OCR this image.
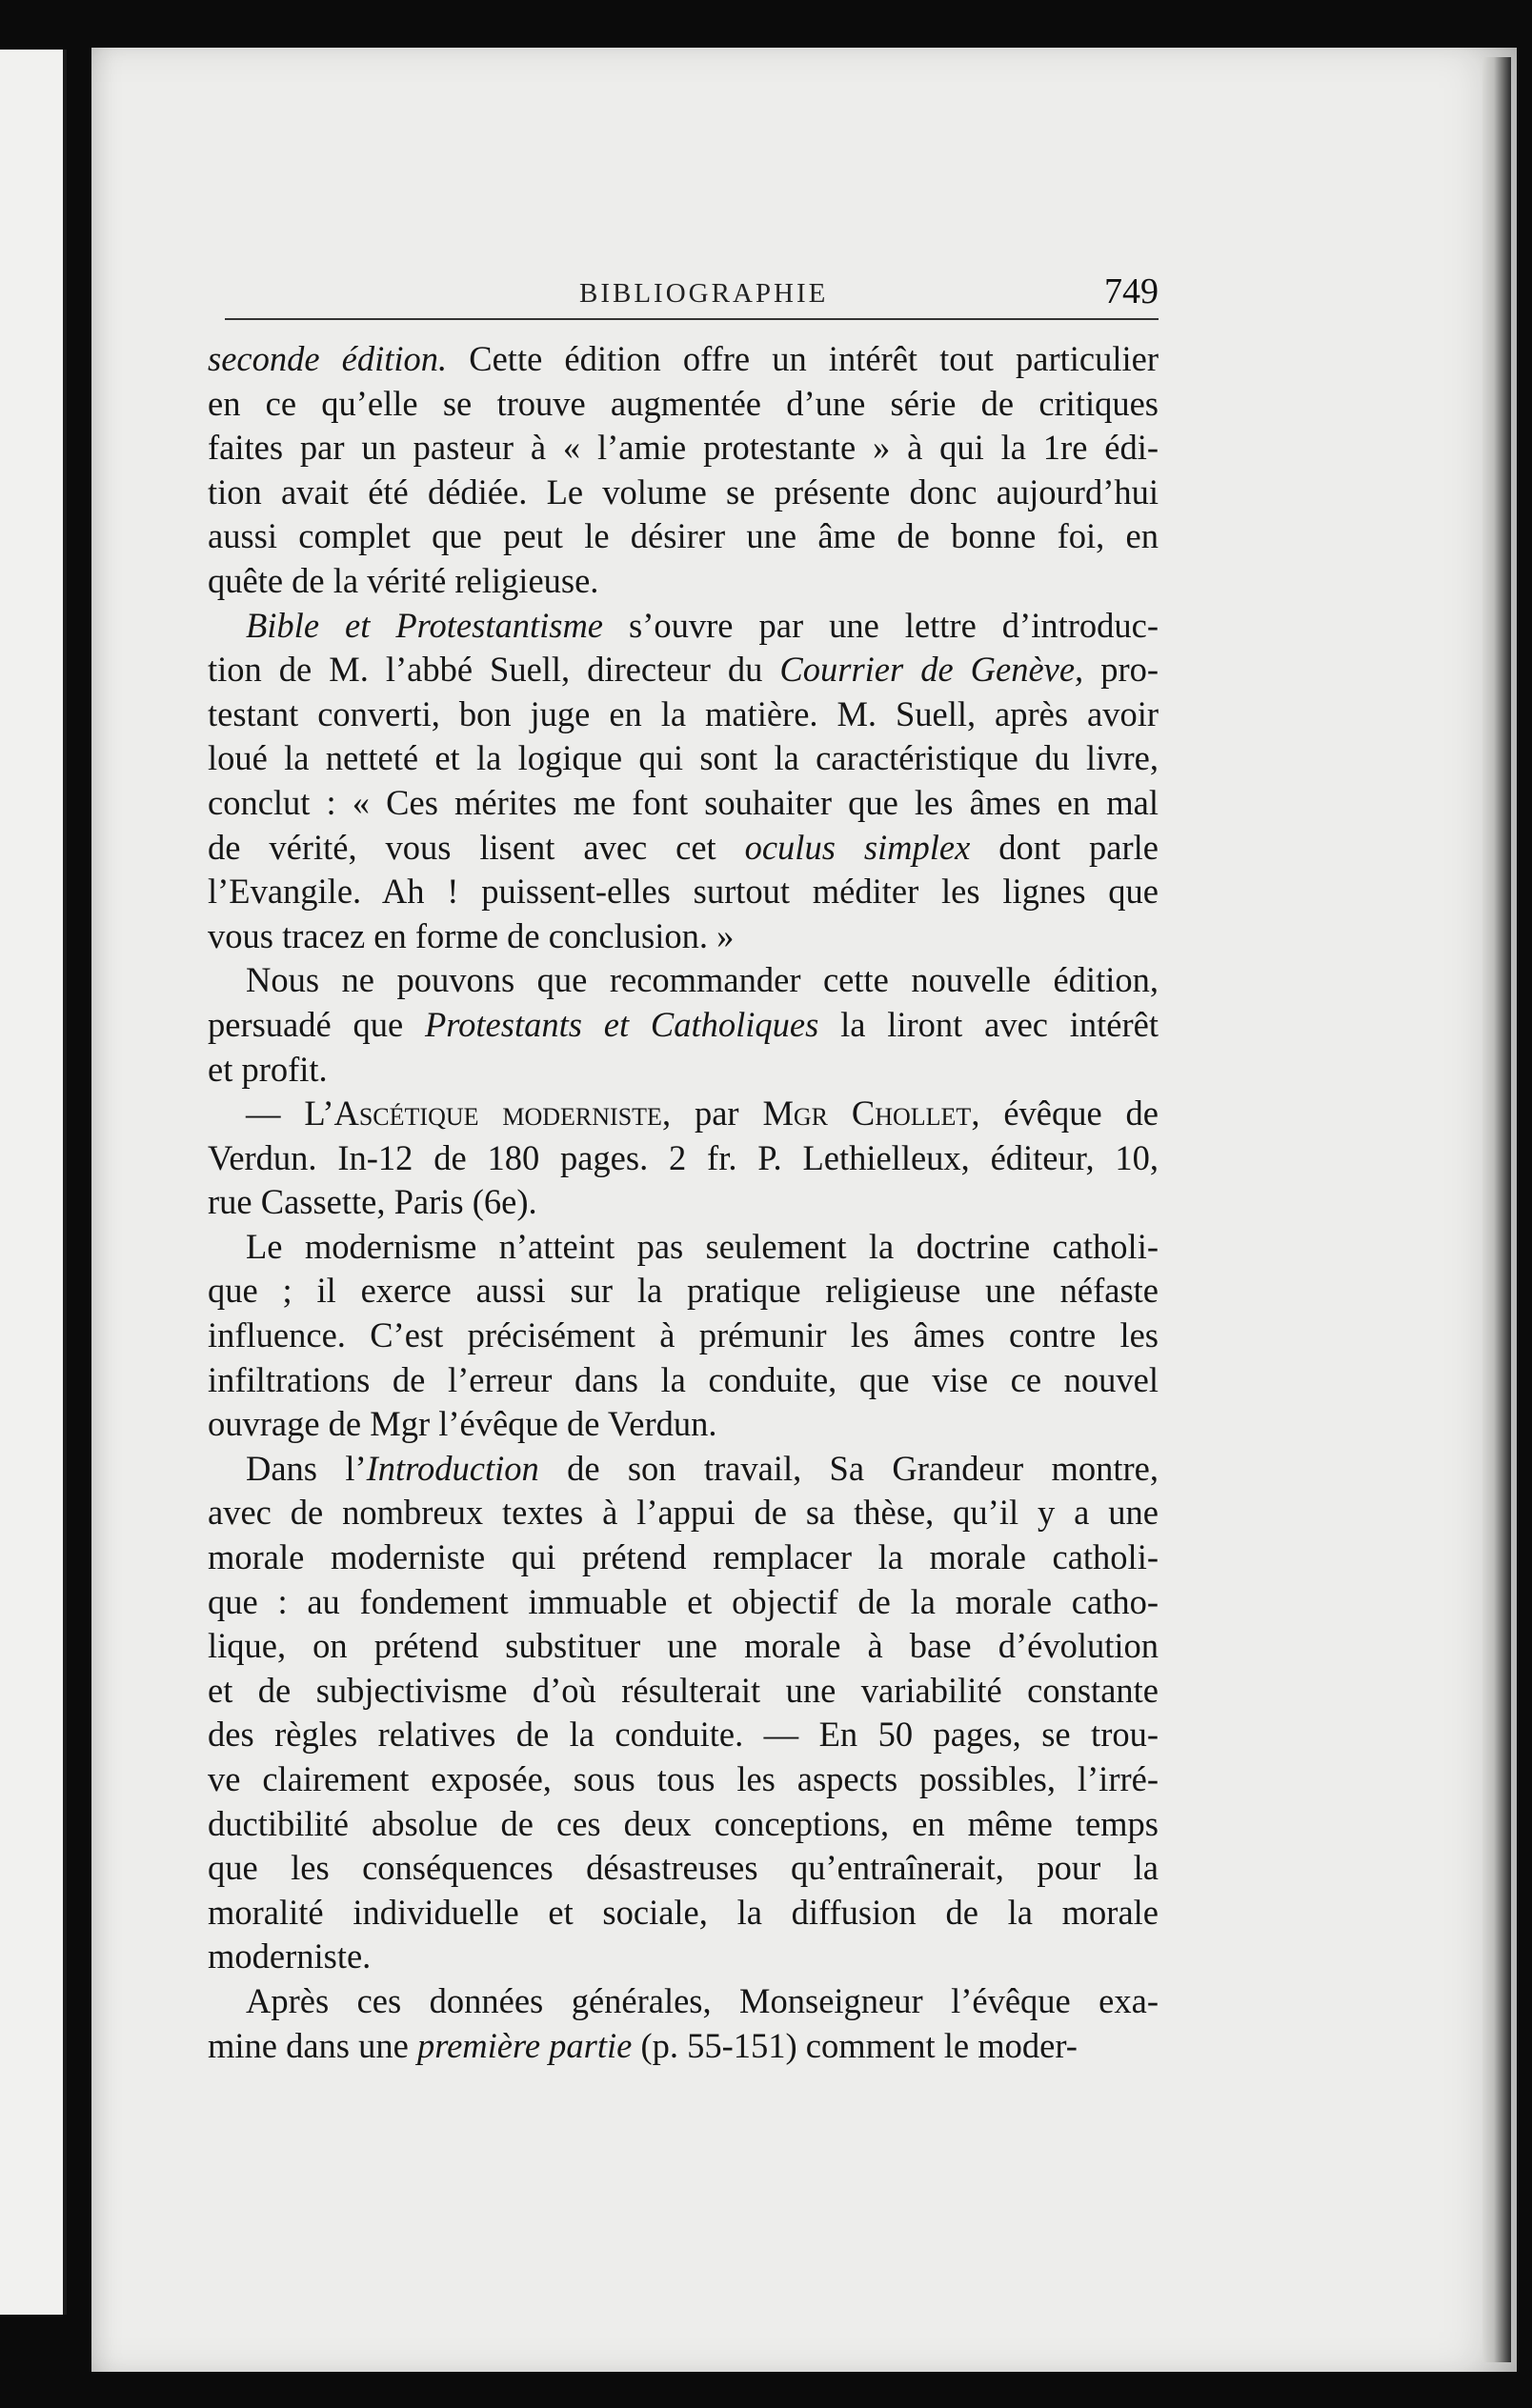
BIBLIOGRAPHIE	749

seconde édition. Cette édition offre un intérêt tout particulier

en ce qu’elle se trouve augmentée d’une série de critiques

faites par un pasteur à « l’amie protestante » à qui la 1re édi-

tion avait été dédiée. Le volume se présente donc aujourd’hui

aussi complet que peut le désirer une âme de bonne foi, en

quête de la vérité religieuse.

Bible et Protestantisme s’ouvre par une lettre d’introduc-

tion de M. l’abbé Suell, directeur du Courrier de Genève, pro-

testant converti, bon juge en la matière. M. Suell, après avoir

loué la netteté et la logique qui sont la caractéristique du livre,

conclut : « Ces mérites me font souhaiter que les âmes en mal

de vérité, vous lisent avec cet oculus simplex dont parle

l’Evangile. Ah ! puissent-elles surtout méditer les lignes que

vous tracez en forme de conclusion. »

Nous ne pouvons que recommander cette nouvelle édition,

persuadé que Protestants et Catholiques la liront avec intérêt

et profit.

— L’Ascétique moderniste, par Mgr Chollet, évêque de

Verdun. In-12 de 180 pages. 2 fr. P. Lethielleux, éditeur, 10,

rue Cassette, Paris (6e).

Le modernisme n’atteint pas seulement la doctrine catholi-

que ; il exerce aussi sur la pratique religieuse une néfaste

influence. C’est précisément à prémunir les âmes contre les

infiltrations de l’erreur dans la conduite, que vise ce nouvel

ouvrage de Mgr l’évêque de Verdun.

Dans l’Introduction de son travail, Sa Grandeur montre,

avec de nombreux textes à l’appui de sa thèse, qu’il y a une

morale moderniste qui prétend remplacer la morale catholi-

que : au fondement immuable et objectif de la morale catho-

lique, on prétend substituer une morale à base d’évolution

et de subjectivisme d’où résulterait une variabilité constante

des règles relatives de la conduite. — En 50 pages, se trou-

ve clairement exposée, sous tous les aspects possibles, l’irré-

ductibilité absolue de ces deux conceptions, en même temps

que les conséquences désastreuses qu’entraînerait, pour la

moralité individuelle et sociale, la diffusion de la morale

moderniste.

Après ces données générales, Monseigneur l’évêque exa-

mine dans une première partie (p. 55-151) comment le moder-
